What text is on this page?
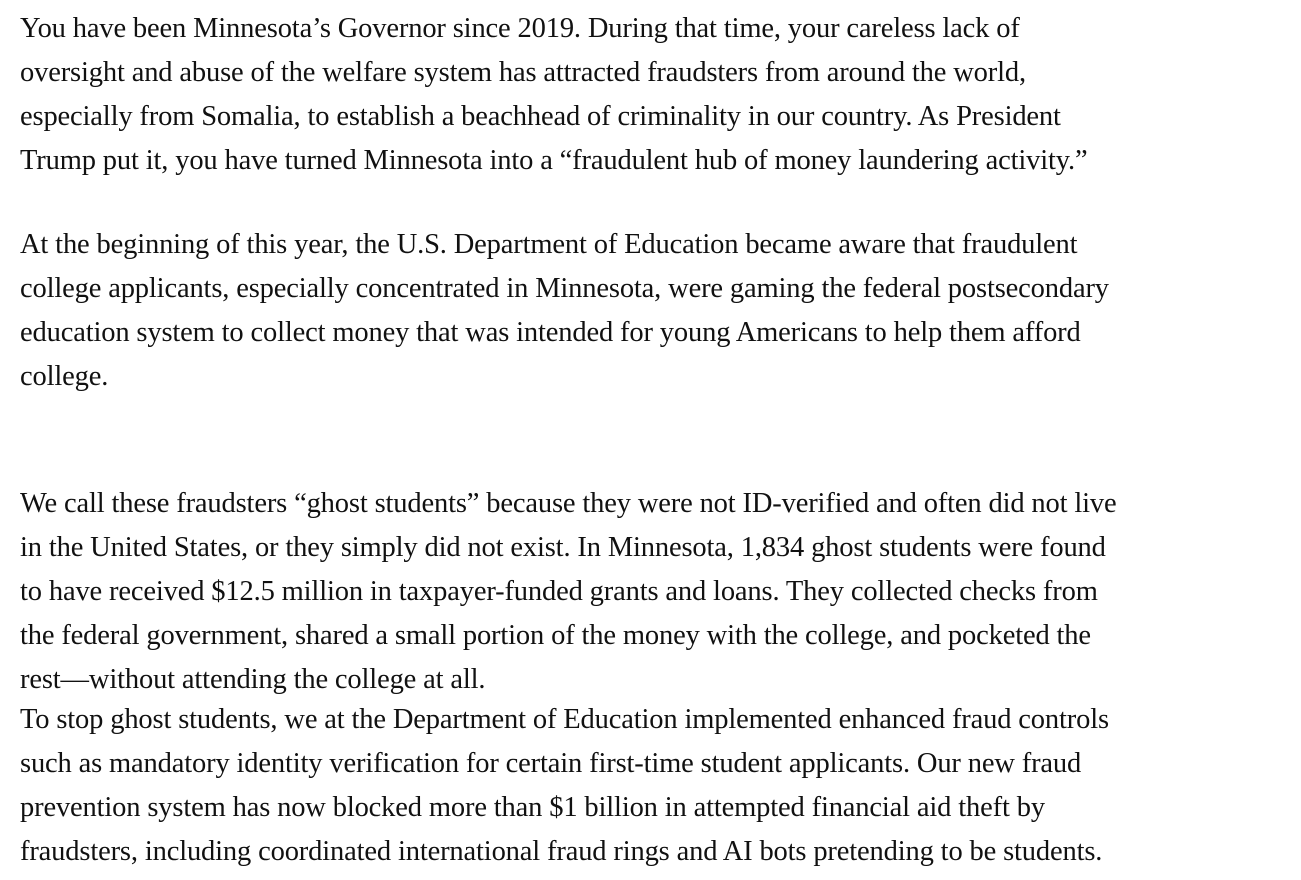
You have been Minnesota’s Governor since 2019. During that time, your careless lack of
oversight and abuse of the welfare system has attracted fraudsters from around the world,
especially from Somalia, to establish a beachhead of criminality in our country. As President
Trump put it, you have turned Minnesota into a “fraudulent hub of money laundering activity.”

At the beginning of this year, the U.S. Department of Education became aware that fraudulent
college applicants, especially concentrated in Minnesota, were gaming the federal postsecondary
education system to collect money that was intended for young Americans to help them afford
college.

We call these fraudsters “ghost students” because they were not ID-verified and often did not live
in the United States, or they simply did not exist. In Minnesota, 1,834 ghost students were found
to have received $12.5 million in taxpayer-funded grants and loans. They collected checks from
the federal government, shared a small portion of the money with the college, and pocketed the
rest—without attending the college at all.

To stop ghost students, we at the Department of Education implemented enhanced fraud controls
such as mandatory identity verification for certain first-time student applicants. Our new fraud
prevention system has now blocked more than $1 billion in attempted financial aid theft by
fraudsters, including coordinated international fraud rings and AI bots pretending to be students.
